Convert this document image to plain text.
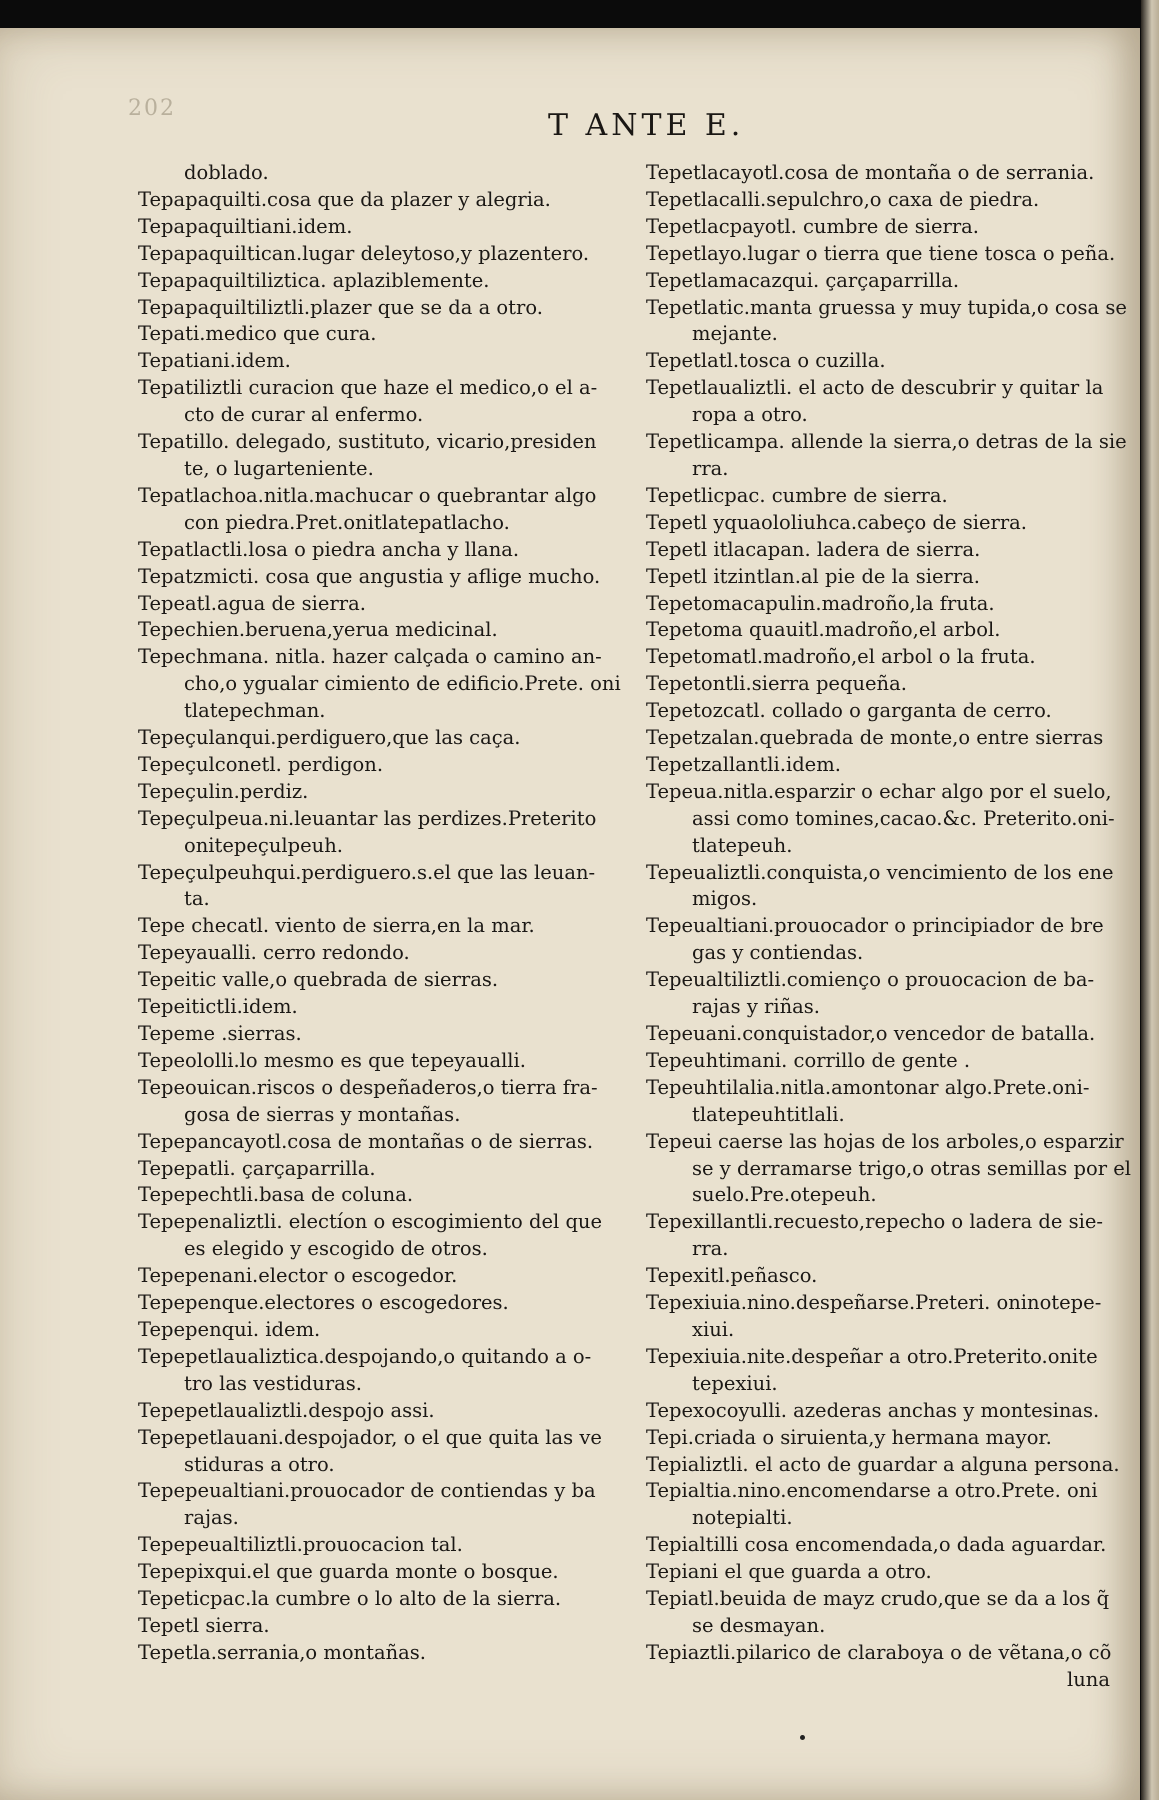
202	T ANTE E.
doblado.
Tepapaquilti.cosa que da plazer y alegria.
Tepapaquiltiani.idem.
Tepapaquiltican.lugar deleytoso,y plazentero.
Tepapaquiltiliztica. aplaziblemente.
Tepapaquiltiliztli.plazer que se da a otro.
Tepati.medico que cura.
Tepatiani.idem.
Tepatiliztli curacion que haze el medico,o el a-
cto de curar al enfermo.
Tepatillo. delegado, sustituto, vicario,presiden
te, o lugarteniente.
Tepatlachoa.nitla.machucar o quebrantar algo
con piedra.Pret.onitlatepatlacho.
Tepatlactli.losa o piedra ancha y llana.
Tepatzmicti. cosa que angustia y aflige mucho.
Tepeatl.agua de sierra.
Tepechien.beruena,yerua medicinal.
Tepechmana. nitla. hazer calçada o camino an-
cho,o ygualar cimiento de edificio.Prete. oni
tlatepechman.
Tepeçulanqui.perdiguero,que las caça.
Tepeçulconetl. perdigon.
Tepeçulin.perdiz.
Tepeçulpeua.ni.leuantar las perdizes.Preterito
onitepeçulpeuh.
Tepeçulpeuhqui.perdiguero.s.el que las leuan-
ta.
Tepe checatl. viento de sierra,en la mar.
Tepeyaualli. cerro redondo.
Tepeitic valle,o quebrada de sierras.
Tepeitictli.idem.
Tepeme .sierras.
Tepeololli.lo mesmo es que tepeyaualli.
Tepeouican.riscos o despeñaderos,o tierra fra-
gosa de sierras y montañas.
Tepepancayotl.cosa de montañas o de sierras.
Tepepatli. çarçaparrilla.
Tepepechtli.basa de coluna.
Tepepenaliztli. electíon o escogimiento del que
es elegido y escogido de otros.
Tepepenani.elector o escogedor.
Tepepenque.electores o escogedores.
Tepepenqui. idem.
Tepepetlaualiztica.despojando,o quitando a o-
tro las vestiduras.
Tepepetlaualiztli.despojo assi.
Tepepetlauani.despojador, o el que quita las ve
stiduras a otro.
Tepepeualtiani.prouocador de contiendas y ba
rajas.
Tepepeualtiliztli.prouocacion tal.
Tepepixqui.el que guarda monte o bosque.
Tepeticpac.la cumbre o lo alto de la sierra.
Tepetl sierra.
Tepetla.serrania,o montañas.
Tepetlacayotl.cosa de montaña o de serrania.
Tepetlacalli.sepulchro,o caxa de piedra.
Tepetlacpayotl. cumbre de sierra.
Tepetlayo.lugar o tierra que tiene tosca o peña.
Tepetlamacazqui. çarçaparrilla.
Tepetlatic.manta gruessa y muy tupida,o cosa se
mejante.
Tepetlatl.tosca o cuzilla.
Tepetlaualiztli. el acto de descubrir y quitar la
ropa a otro.
Tepetlicampa. allende la sierra,o detras de la sie
rra.
Tepetlicpac. cumbre de sierra.
Tepetl yquaololiuhca.cabeço de sierra.
Tepetl itlacapan. ladera de sierra.
Tepetl itzintlan.al pie de la sierra.
Tepetomacapulin.madroño,la fruta.
Tepetoma quauitl.madroño,el arbol.
Tepetomatl.madroño,el arbol o la fruta.
Tepetontli.sierra pequeña.
Tepetozcatl. collado o garganta de cerro.
Tepetzalan.quebrada de monte,o entre sierras
Tepetzallantli.idem.
Tepeua.nitla.esparzir o echar algo por el suelo,
assi como tomines,cacao.&c. Preterito.oni-
tlatepeuh.
Tepeualiztli.conquista,o vencimiento de los ene
migos.
Tepeualtiani.prouocador o principiador de bre
gas y contiendas.
Tepeualtiliztli.comienço o prouocacion de ba-
rajas y riñas.
Tepeuani.conquistador,o vencedor de batalla.
Tepeuhtimani. corrillo de gente .
Tepeuhtilalia.nitla.amontonar algo.Prete.oni-
tlatepeuhtitlali.
Tepeui caerse las hojas de los arboles,o esparzir
se y derramarse trigo,o otras semillas por el
suelo.Pre.otepeuh.
Tepexillantli.recuesto,repecho o ladera de sie-
rra.
Tepexitl.peñasco.
Tepexiuia.nino.despeñarse.Preteri. oninotepe-
xiui.
Tepexiuia.nite.despeñar a otro.Preterito.onite
tepexiui.
Tepexocoyulli. azederas anchas y montesinas.
Tepi.criada o siruienta,y hermana mayor.
Tepializtli. el acto de guardar a alguna persona.
Tepialtia.nino.encomendarse a otro.Prete. oni
notepialti.
Tepialtilli cosa encomendada,o dada aguardar.
Tepiani el que guarda a otro.
Tepiatl.beuida de mayz crudo,que se da a los q̃
se desmayan.
Tepiaztli.pilarico de claraboya o de vẽtana,o cõ
luna
